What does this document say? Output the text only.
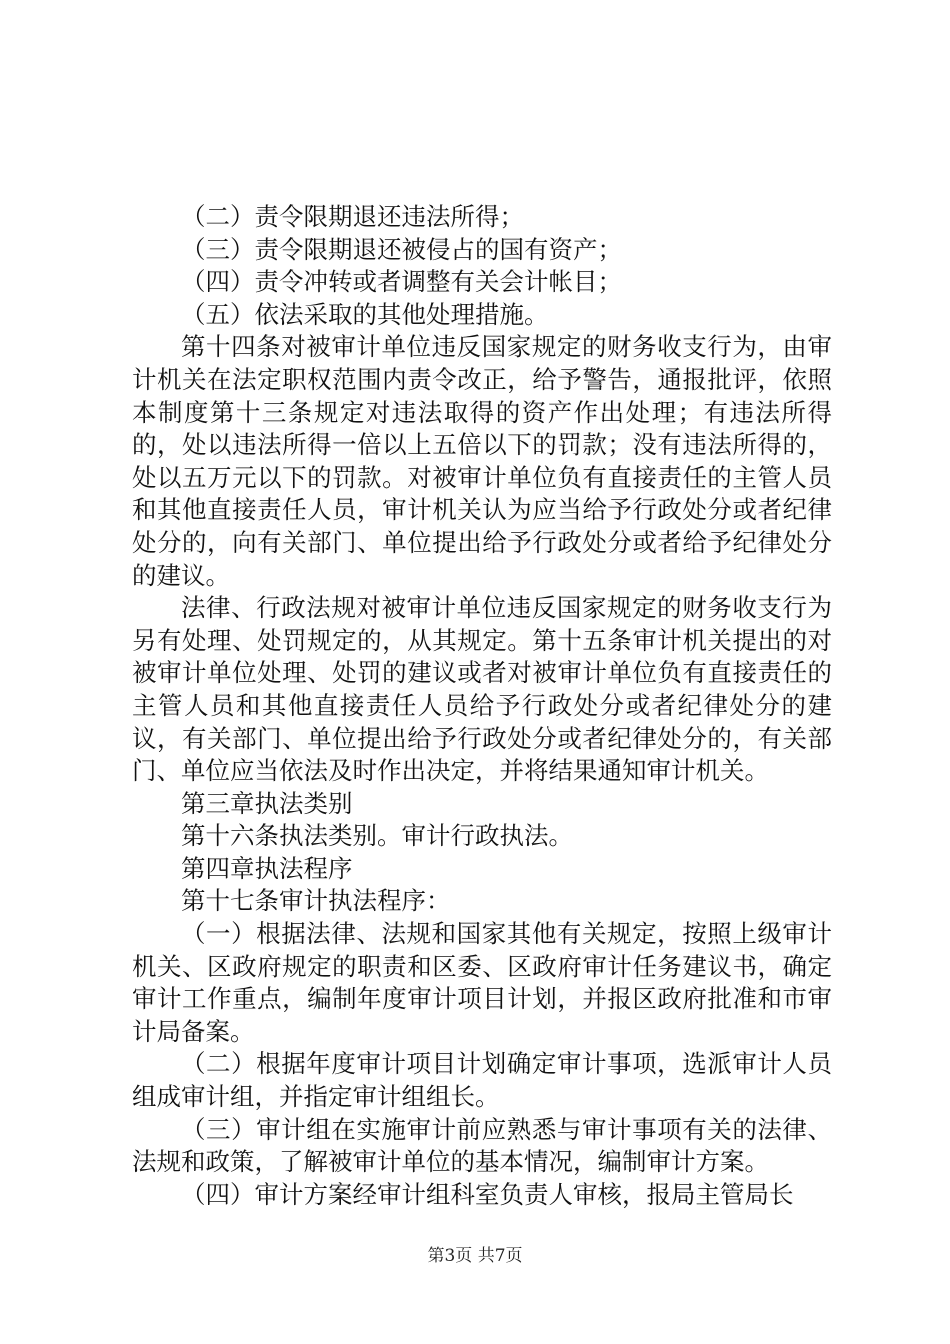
（二）责令限期退还违法所得；

（三）责令限期退还被侵占的国有资产；

（四）责令冲转或者调整有关会计帐目；

（五）依法采取的其他处理措施。

第十四条对被审计单位违反国家规定的财务收支行为，由审计机关在法定职权范围内责令改正，给予警告，通报批评，依照本制度第十三条规定对违法取得的资产作出处理；有违法所得的，处以违法所得一倍以上五倍以下的罚款；没有违法所得的，处以五万元以下的罚款。对被审计单位负有直接责任的主管人员和其他直接责任人员，审计机关认为应当给予行政处分或者纪律处分的，向有关部门、单位提出给予行政处分或者给予纪律处分的建议。

法律、行政法规对被审计单位违反国家规定的财务收支行为另有处理、处罚规定的，从其规定。第十五条审计机关提出的对被审计单位处理、处罚的建议或者对被审计单位负有直接责任的主管人员和其他直接责任人员给予行政处分或者纪律处分的建议，有关部门、单位提出给予行政处分或者纪律处分的，有关部门、单位应当依法及时作出决定，并将结果通知审计机关。

第三章执法类别

第十六条执法类别。审计行政执法。

第四章执法程序

第十七条审计执法程序：

（一）根据法律、法规和国家其他有关规定，按照上级审计机关、区政府规定的职责和区委、区政府审计任务建议书，确定审计工作重点，编制年度审计项目计划，并报区政府批准和市审计局备案。

（二）根据年度审计项目计划确定审计事项，选派审计人员组成审计组，并指定审计组组长。

（三）审计组在实施审计前应熟悉与审计事项有关的法律、法规和政策，了解被审计单位的基本情况，编制审计方案。

（四）审计方案经审计组科室负责人审核，报局主管局长

第3页 共7页
